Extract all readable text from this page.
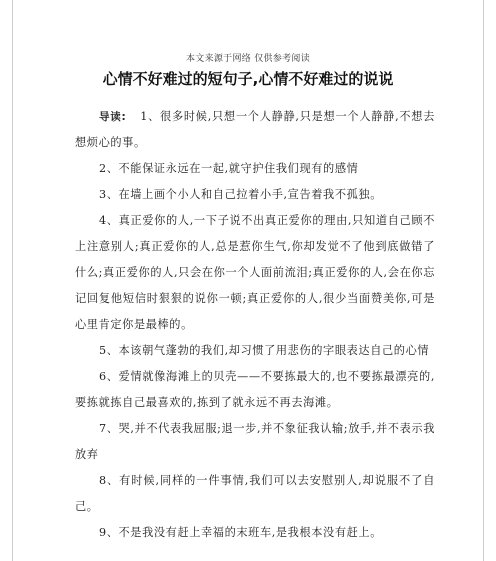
本文来源于网络 仅供参考阅读
心情不好难过的短句子,心情不好难过的说说

导读: 1、很多时候,只想一个人静静,只是想一个人静静,不想去想烦心的事。

2、不能保证永远在一起,就守护住我们现有的感情

3、在墙上画个小人和自己拉着小手,宣告着我不孤独。

4、真正爱你的人,一下子说不出真正爱你的理由,只知道自己顾不上注意别人;真正爱你的人,总是惹你生气,你却发觉不了他到底做错了什么;真正爱你的人,只会在你一个人面前流泪;真正爱你的人,会在你忘记回复他短信时狠狠的说你一顿;真正爱你的人,很少当面赞美你,可是心里肯定你是最棒的。

5、本该朝气蓬勃的我们,却习惯了用悲伤的字眼表达自己的心情

6、爱情就像海滩上的贝壳——不要拣最大的,也不要拣最漂亮的,要拣就拣自己最喜欢的,拣到了就永远不再去海滩。

7、哭,并不代表我屈服;退一步,并不象征我认输;放手,并不表示我放弃

8、有时候,同样的一件事情,我们可以去安慰别人,却说服不了自己。

9、不是我没有赶上幸福的末班车,是我根本没有赶上。
